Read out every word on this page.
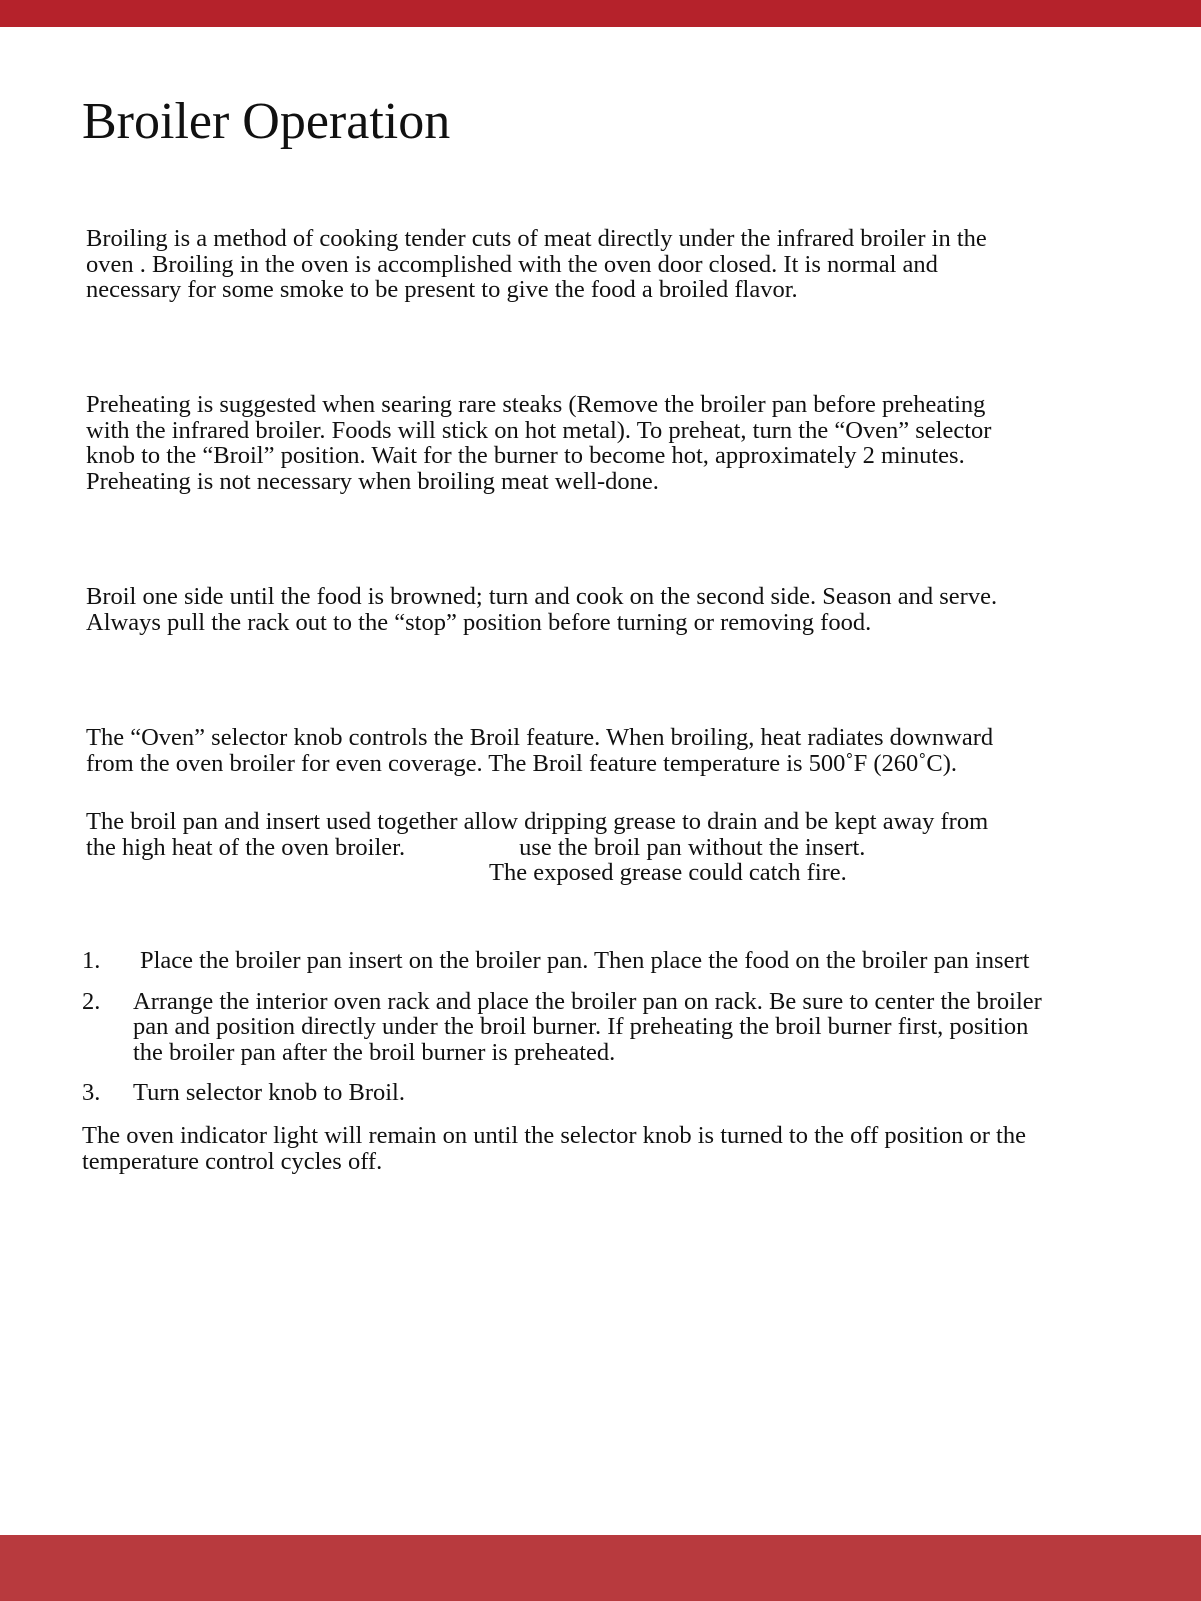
Broiler Operation

Broiling is a method of cooking tender cuts of meat directly under the infrared broiler in the
oven . Broiling in the oven is accomplished with the oven door closed. It is normal and
necessary for some smoke to be present to give the food a broiled flavor.

Preheating is suggested when searing rare steaks (Remove the broiler pan before preheating
with the infrared broiler. Foods will stick on hot metal). To preheat, turn the “Oven” selector
knob to the “Broil” position. Wait for the burner to become hot, approximately 2 minutes.
Preheating is not necessary when broiling meat well-done.

Broil one side until the food is browned; turn and cook on the second side. Season and serve.
Always pull the rack out to the “stop” position before turning or removing food.

The “Oven” selector knob controls the Broil feature. When broiling, heat radiates downward
from the oven broiler for even coverage. The Broil feature temperature is 500˚F (260˚C).

The broil pan and insert used together allow dripping grease to drain and be kept away from
the high heat of the oven broiler.	use the broil pan without the insert.
The exposed grease could catch fire.

1. Place the broiler pan insert on the broiler pan. Then place the food on the broiler pan insert
2. Arrange the interior oven rack and place the broiler pan on rack. Be sure to center the broiler
pan and position directly under the broil burner. If preheating the broil burner first, position
the broiler pan after the broil burner is preheated.
3. Turn selector knob to Broil.

The oven indicator light will remain on until the selector knob is turned to the off position or the
temperature control cycles off.
